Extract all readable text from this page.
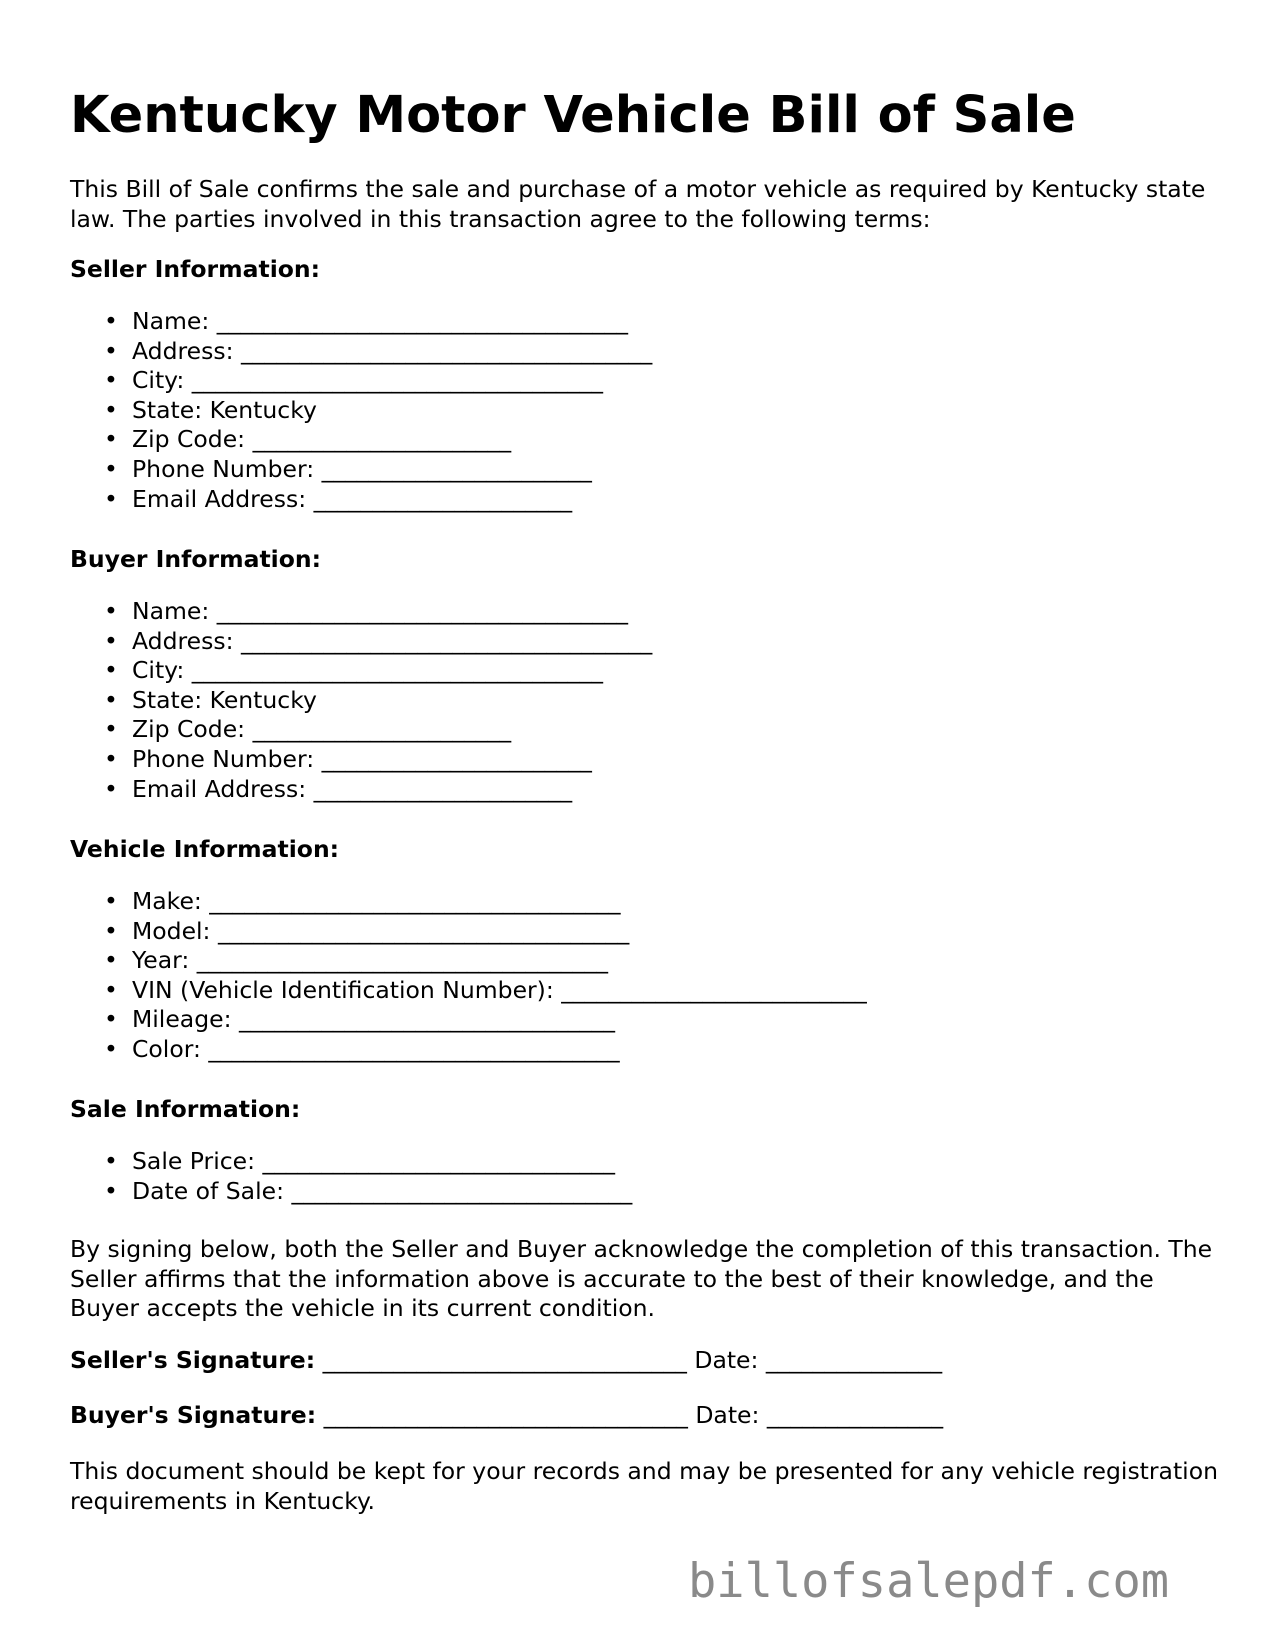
Kentucky Motor Vehicle Bill of Sale

This Bill of Sale confirms the sale and purchase of a motor vehicle as required by Kentucky state law. The parties involved in this transaction agree to the following terms:

Seller Information:

• Name: ___________________________________
• Address: ___________________________________
• City: ___________________________________
• State: Kentucky
• Zip Code: ______________________
• Phone Number: _______________________
• Email Address: ______________________

Buyer Information:

• Name: ___________________________________
• Address: ___________________________________
• City: ___________________________________
• State: Kentucky
• Zip Code: ______________________
• Phone Number: _______________________
• Email Address: ______________________

Vehicle Information:

• Make: ___________________________________
• Model: ___________________________________
• Year: ___________________________________
• VIN (Vehicle Identification Number): __________________________
• Mileage: ________________________________
• Color: ___________________________________

Sale Information:

• Sale Price: ______________________________
• Date of Sale: _____________________________

By signing below, both the Seller and Buyer acknowledge the completion of this transaction. The Seller affirms that the information above is accurate to the best of their knowledge, and the Buyer accepts the vehicle in its current condition.

Seller's Signature: _______________________________ Date: _______________

Buyer's Signature: _______________________________ Date: _______________

This document should be kept for your records and may be presented for any vehicle registration requirements in Kentucky.

billofsalepdf.com
